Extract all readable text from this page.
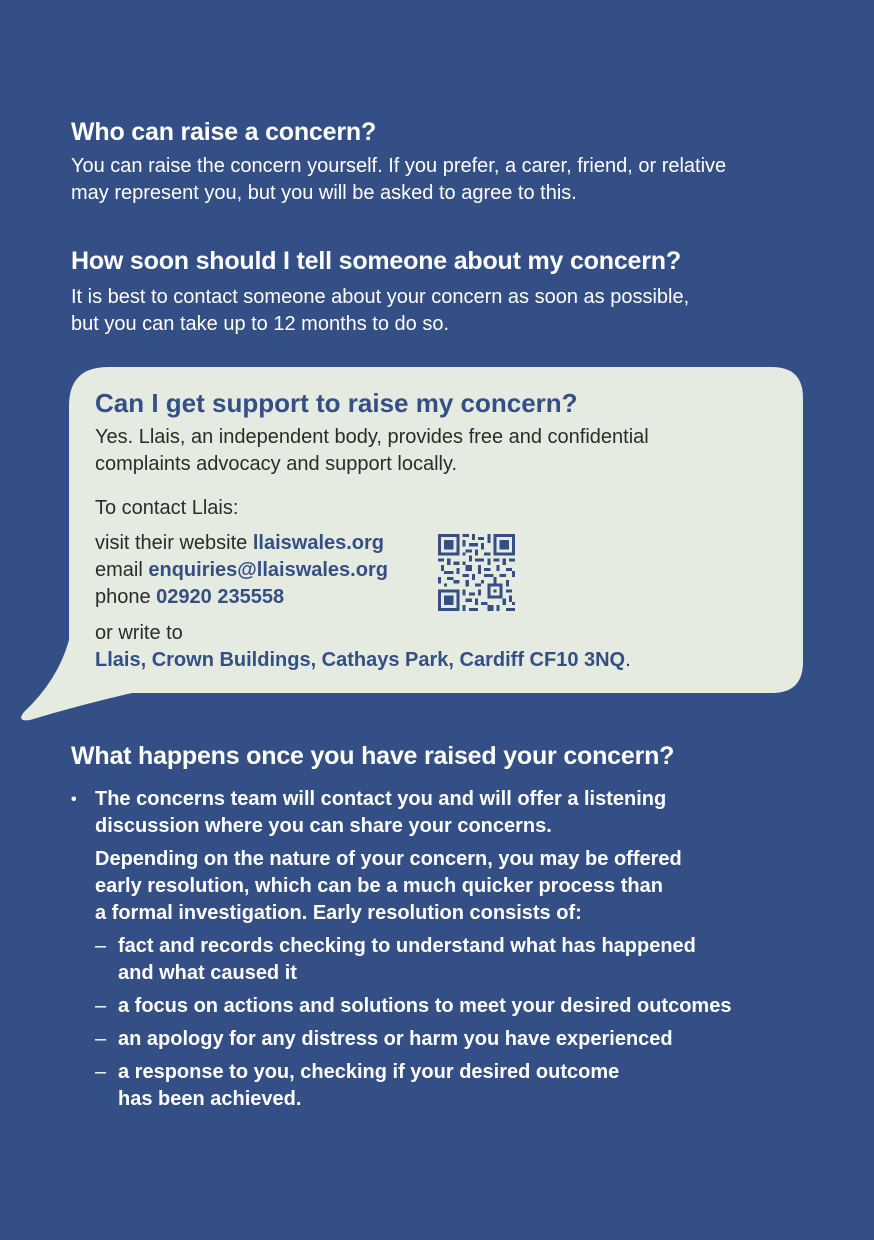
Who can raise a concern?

You can raise the concern yourself. If you prefer, a carer, friend, or relative
may represent you, but you will be asked to agree to this.

How soon should I tell someone about my concern?

It is best to contact someone about your concern as soon as possible,
but you can take up to 12 months to do so.

Can I get support to raise my concern?

Yes. Llais, an independent body, provides free and confidential
complaints advocacy and support locally.

To contact Llais:

visit their website llaiswales.org
email enquiries@llaiswales.org
phone 02920 235558

or write to
Llais, Crown Buildings, Cathays Park, Cardiff CF10 3NQ.

What happens once you have raised your concern?
• The concerns team will contact you and will offer a listening
discussion where you can share your concerns.
Depending on the nature of your concern, you may be offered
early resolution, which can be a much quicker process than
a formal investigation. Early resolution consists of:
– fact and records checking to understand what has happened
and what caused it
– a focus on actions and solutions to meet your desired outcomes
– an apology for any distress or harm you have experienced
– a response to you, checking if your desired outcome
has been achieved.
